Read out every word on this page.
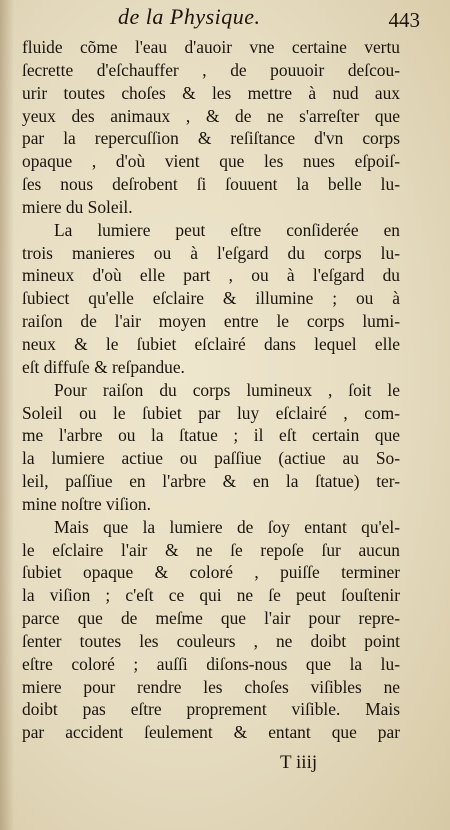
de la Physique.	443
fluide cõme l'eau d'auoir vne certaine vertu
ſecrette d'eſchauffer , de pouuoir deſcou-
urir toutes choſes & les mettre à nud aux
yeux des animaux , & de ne s'arreſter que
par la repercuſſion & reſiſtance d'vn corps
opaque , d'où vient que les nues eſpoiſ-
ſes nous deſrobent ſi ſouuent la belle lu-
miere du Soleil.
La lumiere peut eſtre conſiderée en
trois manieres ou à l'eſgard du corps lu-
mineux d'où elle part , ou à l'eſgard du
ſubiect qu'elle eſclaire & illumine ; ou à
raiſon de l'air moyen entre le corps lumi-
neux & le ſubiet eſclairé dans lequel elle
eſt diffuſe & reſpandue.
Pour raiſon du corps lumineux , ſoit le
Soleil ou le ſubiet par luy eſclairé , com-
me l'arbre ou la ſtatue ; il eſt certain que
la lumiere actiue ou paſſiue (actiue au So-
leil, paſſiue en l'arbre & en la ſtatue) ter-
mine noſtre viſion.
Mais que la lumiere de ſoy entant qu'el-
le eſclaire l'air & ne ſe repoſe ſur aucun
ſubiet opaque & coloré , puiſſe terminer
la viſion ; c'eſt ce qui ne ſe peut ſouſtenir
parce que de meſme que l'air pour repre-
ſenter toutes les couleurs , ne doibt point
eſtre coloré ; auſſi diſons-nous que la lu-
miere pour rendre les choſes viſibles ne
doibt pas eſtre proprement viſible. Mais
par accident ſeulement & entant que par
T iiij
